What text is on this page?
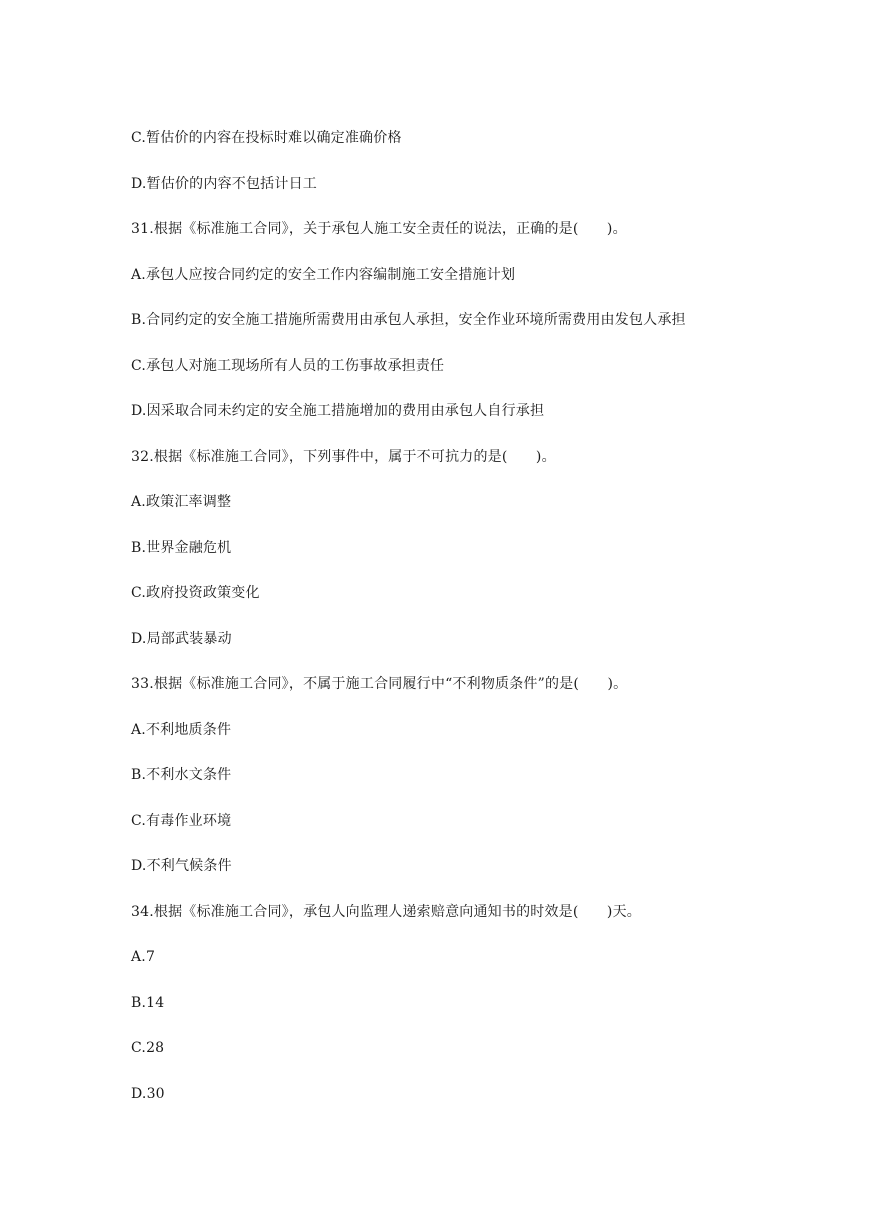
C.暂估价的内容在投标时难以确定准确价格
D.暂估价的内容不包括计日工
31.根据《标准施工合同》，关于承包人施工安全责任的说法，正确的是(　　)。
A.承包人应按合同约定的安全工作内容编制施工安全措施计划
B.合同约定的安全施工措施所需费用由承包人承担，安全作业环境所需费用由发包人承担
C.承包人对施工现场所有人员的工伤事故承担责任
D.因采取合同未约定的安全施工措施增加的费用由承包人自行承担
32.根据《标准施工合同》，下列事件中，属于不可抗力的是(　　)。
A.政策汇率调整
B.世界金融危机
C.政府投资政策变化
D.局部武装暴动
33.根据《标准施工合同》，不属于施工合同履行中“不利物质条件”的是(　　)。
A.不利地质条件
B.不利水文条件
C.有毒作业环境
D.不利气候条件
34.根据《标准施工合同》，承包人向监理人递索赔意向通知书的时效是(　　)天。
A.7
B.14
C.28
D.30
